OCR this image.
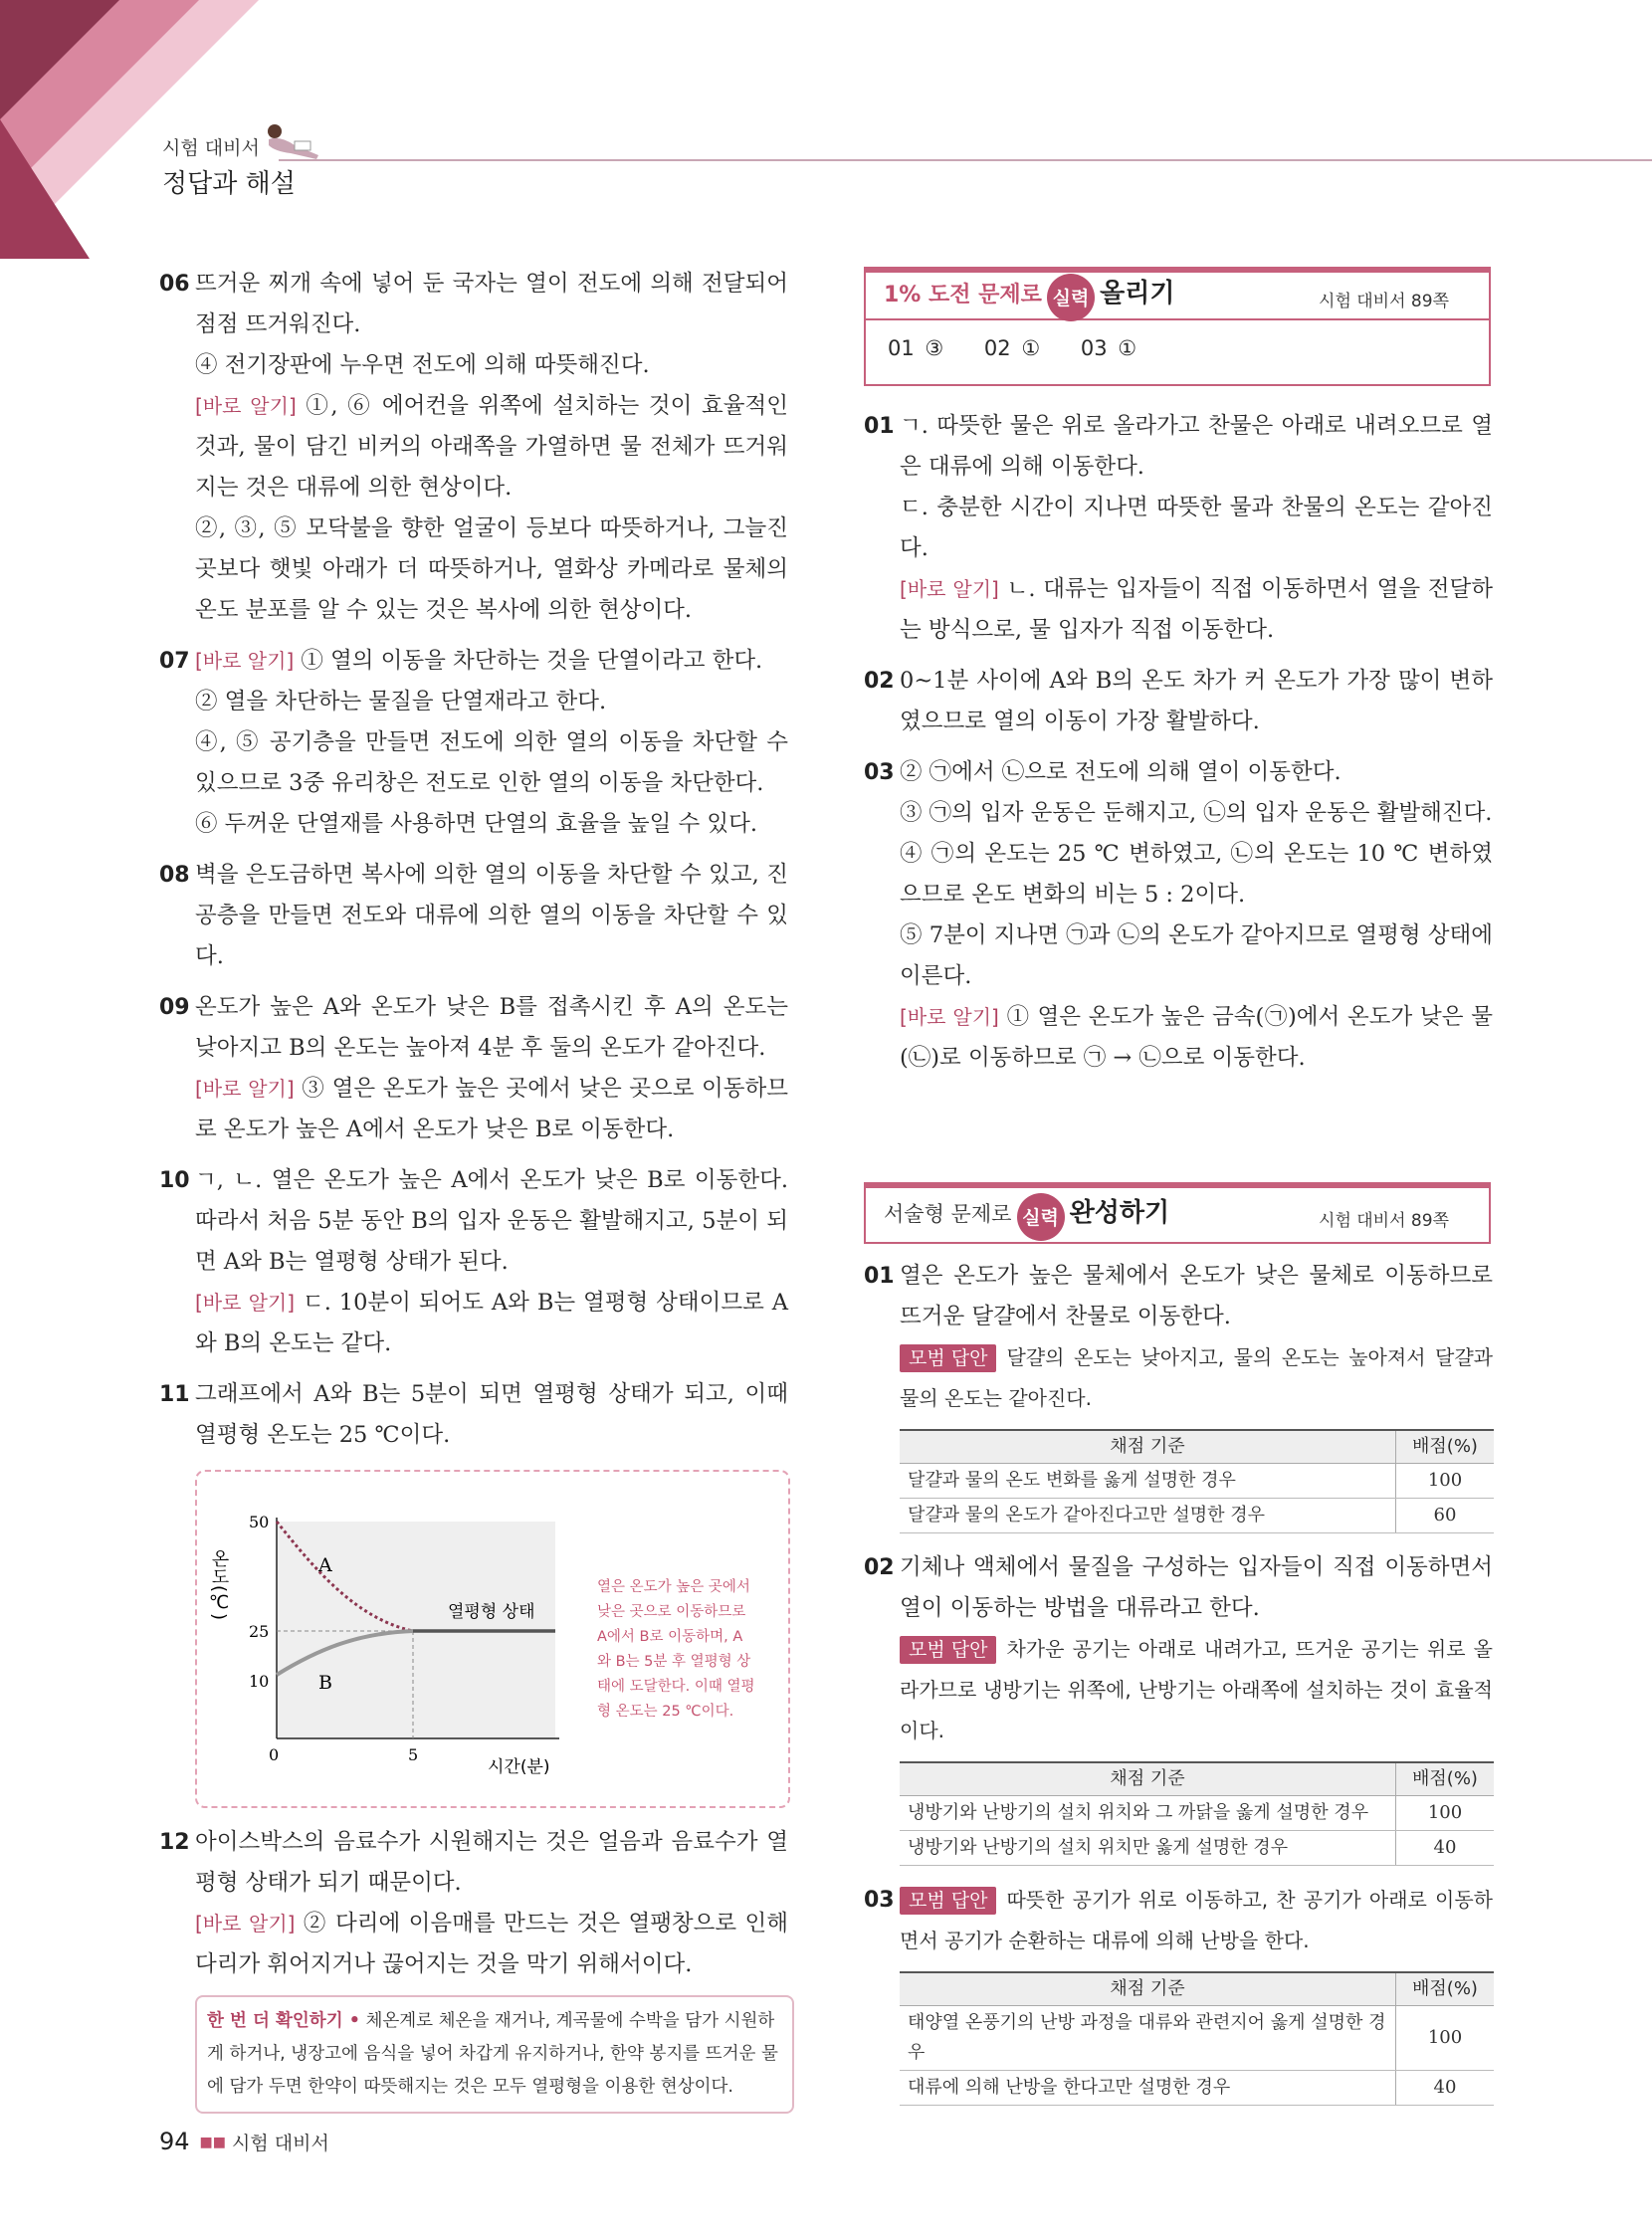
시험 대비서
정답과 해설
06 뜨거운 찌개 속에 넣어 둔 국자는 열이 전도에 의해 전달되어 점점 뜨거워진다.

④ 전기장판에 누우면 전도에 의해 따뜻해진다.

[바로 알기] ①, ⑥ 에어컨을 위쪽에 설치하는 것이 효율적인 것과, 물이 담긴 비커의 아래쪽을 가열하면 물 전체가 뜨거워지는 것은 대류에 의한 현상이다.

②, ③, ⑤ 모닥불을 향한 얼굴이 등보다 따뜻하거나, 그늘진 곳보다 햇빛 아래가 더 따뜻하거나, 열화상 카메라로 물체의 온도 분포를 알 수 있는 것은 복사에 의한 현상이다.

07 [바로 알기] ① 열의 이동을 차단하는 것을 단열이라고 한다.

② 열을 차단하는 물질을 단열재라고 한다.

④, ⑤ 공기층을 만들면 전도에 의한 열의 이동을 차단할 수 있으므로 3중 유리창은 전도로 인한 열의 이동을 차단한다.

⑥ 두꺼운 단열재를 사용하면 단열의 효율을 높일 수 있다.

08 벽을 은도금하면 복사에 의한 열의 이동을 차단할 수 있고, 진공층을 만들면 전도와 대류에 의한 열의 이동을 차단할 수 있다.

09 온도가 높은 A와 온도가 낮은 B를 접촉시킨 후 A의 온도는 낮아지고 B의 온도는 높아져 4분 후 둘의 온도가 같아진다.

[바로 알기] ③ 열은 온도가 높은 곳에서 낮은 곳으로 이동하므로 온도가 높은 A에서 온도가 낮은 B로 이동한다.

10 ㄱ, ㄴ. 열은 온도가 높은 A에서 온도가 낮은 B로 이동한다. 따라서 처음 5분 동안 B의 입자 운동은 활발해지고, 5분이 되면 A와 B는 열평형 상태가 된다.

[바로 알기] ㄷ. 10분이 되어도 A와 B는 열평형 상태이므로 A와 B의 온도는 같다.

11 그래프에서 A와 B는 5분이 되면 열평형 상태가 되고, 이때 열평형 온도는 25 ℃이다.

온도(℃)
50
25
10
0	5
시간(분)
A
B
열평형 상태
열은 온도가 높은 곳에서 낮은 곳으로 이동하므로 A에서 B로 이동하며, A와 B는 5분 후 열평형 상태에 도달한다. 이때 열평형 온도는 25 ℃이다.
12 아이스박스의 음료수가 시원해지는 것은 얼음과 음료수가 열평형 상태가 되기 때문이다.

[바로 알기] ② 다리에 이음매를 만드는 것은 열팽창으로 인해 다리가 휘어지거나 끊어지는 것을 막기 위해서이다.

한 번 더 확인하기 • 체온계로 체온을 재거나, 계곡물에 수박을 담가 시원하게 하거나, 냉장고에 음식을 넣어 차갑게 유지하거나, 한약 봉지를 뜨거운 물에 담가 두면 한약이 따뜻해지는 것은 모두 열평형을 이용한 현상이다.
1% 도전 문제로 실력 올리기	시험 대비서 89쪽
01 ③ 02 ① 03 ①
01 ㄱ. 따뜻한 물은 위로 올라가고 찬물은 아래로 내려오므로 열은 대류에 의해 이동한다.

ㄷ. 충분한 시간이 지나면 따뜻한 물과 찬물의 온도는 같아진다.

[바로 알기] ㄴ. 대류는 입자들이 직접 이동하면서 열을 전달하는 방식으로, 물 입자가 직접 이동한다.

02 0~1분 사이에 A와 B의 온도 차가 커 온도가 가장 많이 변하였으므로 열의 이동이 가장 활발하다.

03 ② ㉠에서 ㉡으로 전도에 의해 열이 이동한다.

③ ㉠의 입자 운동은 둔해지고, ㉡의 입자 운동은 활발해진다.

④ ㉠의 온도는 25 ℃ 변하였고, ㉡의 온도는 10 ℃ 변하였으므로 온도 변화의 비는 5 : 2이다.

⑤ 7분이 지나면 ㉠과 ㉡의 온도가 같아지므로 열평형 상태에 이른다.

[바로 알기] ① 열은 온도가 높은 금속(㉠)에서 온도가 낮은 물(㉡)로 이동하므로 ㉠ → ㉡으로 이동한다.

서술형 문제로 실력 완성하기	시험 대비서 89쪽
01 열은 온도가 높은 물체에서 온도가 낮은 물체로 이동하므로 뜨거운 달걀에서 찬물로 이동한다.

모범 답안 달걀의 온도는 낮아지고, 물의 온도는 높아져서 달걀과 물의 온도는 같아진다.

채점 기준	배점(%)
달걀과 물의 온도 변화를 옳게 설명한 경우	100
달걀과 물의 온도가 같아진다고만 설명한 경우	60
02 기체나 액체에서 물질을 구성하는 입자들이 직접 이동하면서 열이 이동하는 방법을 대류라고 한다.

모범 답안 차가운 공기는 아래로 내려가고, 뜨거운 공기는 위로 올라가므로 냉방기는 위쪽에, 난방기는 아래쪽에 설치하는 것이 효율적이다.

채점 기준	배점(%)
냉방기와 난방기의 설치 위치와 그 까닭을 옳게 설명한 경우	100
냉방기와 난방기의 설치 위치만 옳게 설명한 경우	40
03 모범 답안 따뜻한 공기가 위로 이동하고, 찬 공기가 아래로 이동하면서 공기가 순환하는 대류에 의해 난방을 한다.

채점 기준	배점(%)
태양열 온풍기의 난방 과정을 대류와 관련지어 옳게 설명한 경우	100
대류에 의해 난방을 한다고만 설명한 경우	40
94 ■■ 시험 대비서
